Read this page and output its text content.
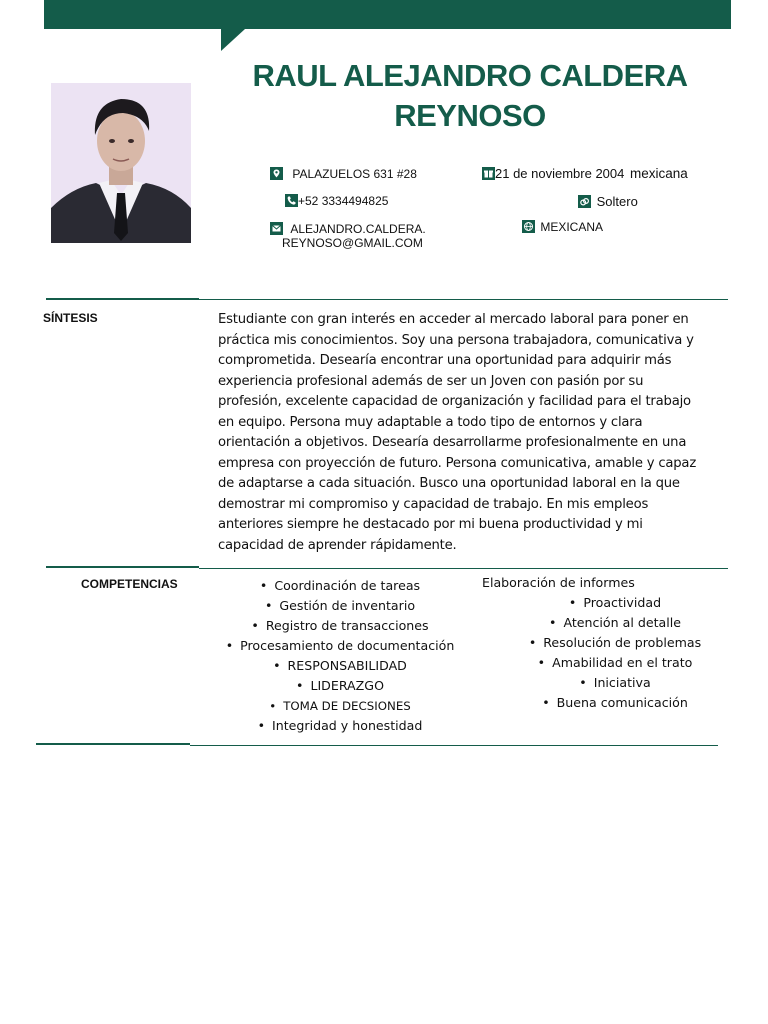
RAUL ALEJANDRO CALDERA
REYNOSO
PALAZUELOS 631 #28
+52 3334494825
ALEJANDRO.CALDERA.
REYNOSO@GMAIL.COM
21 de noviembre 2004 mexicana
Soltero
MEXICANA
SÍNTESIS	Estudiante con gran interés en acceder al mercado laboral para poner en práctica mis conocimientos. Soy una persona trabajadora, comunicativa y comprometida. Desearía encontrar una oportunidad para adquirir más experiencia profesional además de ser un Joven con pasión por su profesión, excelente capacidad de organización y facilidad para el trabajo en equipo. Persona muy adaptable a todo tipo de entornos y clara orientación a objetivos. Desearía desarrollarme profesionalmente en una empresa con proyección de futuro. Persona comunicativa, amable y capaz de adaptarse a cada situación. Busco una oportunidad laboral en la que demostrar mi compromiso y capacidad de trabajo. En mis empleos anteriores siempre he destacado por mi buena productividad y mi capacidad de aprender rápidamente.
COMPETENCIAS
•	Coordinación de tareas
• Gestión de inventario
• Registro de transacciones
• Procesamiento de documentación
• RESPONSABILIDAD
• LIDERAZGO
• TOMA DE DECSIONES
• Integridad y honestidad
Elaboración de informes
• Proactividad
• Atención al detalle
• Resolución de problemas
• Amabilidad en el trato
• Iniciativa
• Buena comunicación
